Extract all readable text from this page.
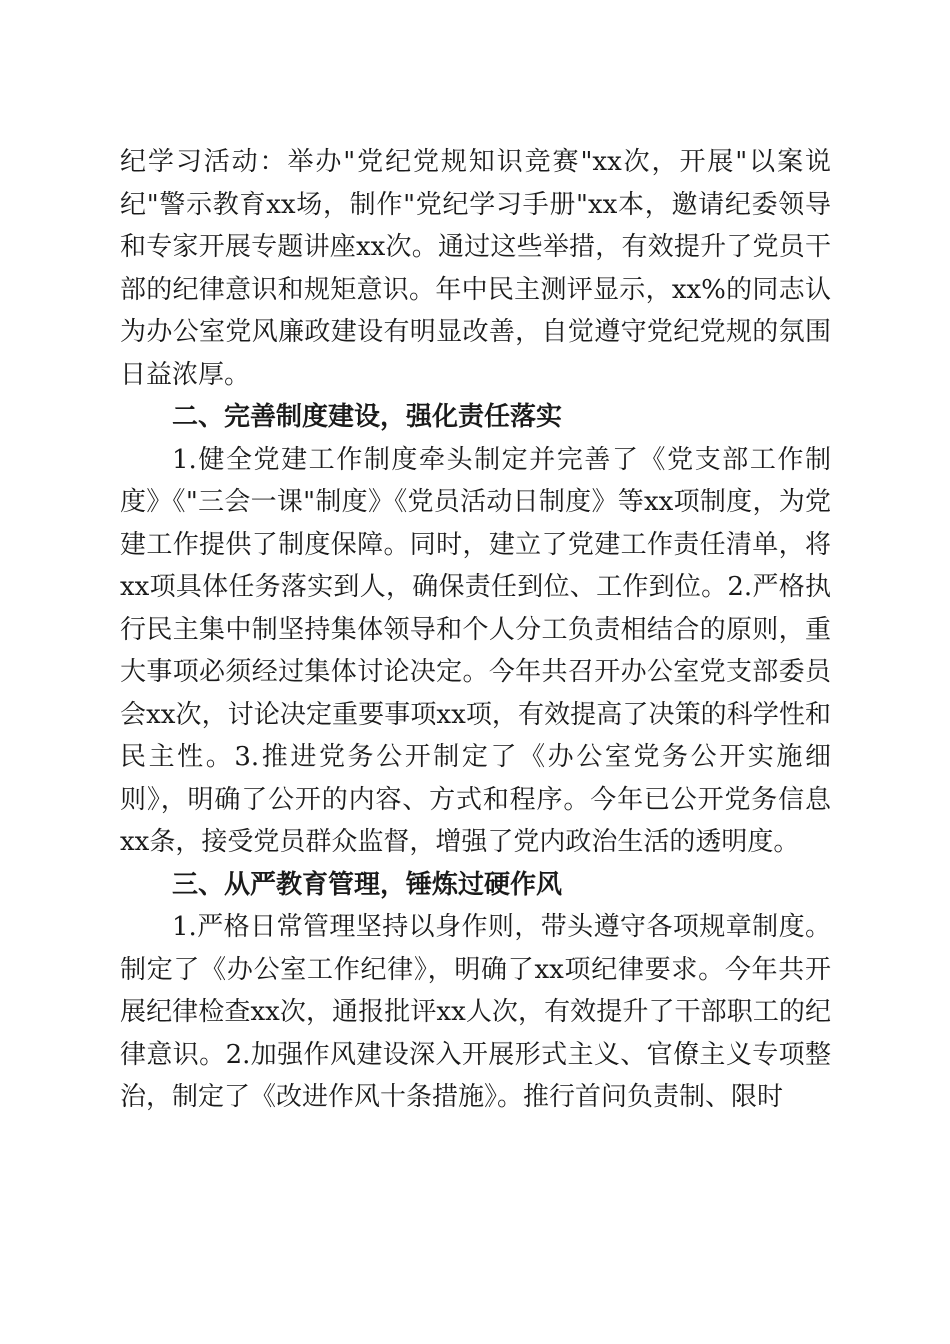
纪学习活动：举办"党纪党规知识竞赛"xx次，开展"以案说纪"警示教育xx场，制作"党纪学习手册"xx本，邀请纪委领导和专家开展专题讲座xx次。通过这些举措，有效提升了党员干部的纪律意识和规矩意识。年中民主测评显示，xx%的同志认为办公室党风廉政建设有明显改善，自觉遵守党纪党规的氛围日益浓厚。

二、完善制度建设，强化责任落实

1.健全党建工作制度牵头制定并完善了《党支部工作制度》《"三会一课"制度》《党员活动日制度》等xx项制度，为党建工作提供了制度保障。同时，建立了党建工作责任清单，将xx项具体任务落实到人，确保责任到位、工作到位。2.严格执行民主集中制坚持集体领导和个人分工负责相结合的原则，重大事项必须经过集体讨论决定。今年共召开办公室党支部委员会xx次，讨论决定重要事项xx项，有效提高了决策的科学性和民主性。3.推进党务公开制定了《办公室党务公开实施细则》，明确了公开的内容、方式和程序。今年已公开党务信息xx条，接受党员群众监督，增强了党内政治生活的透明度。

三、从严教育管理，锤炼过硬作风

1.严格日常管理坚持以身作则，带头遵守各项规章制度。制定了《办公室工作纪律》，明确了xx项纪律要求。今年共开展纪律检查xx次，通报批评xx人次，有效提升了干部职工的纪律意识。2.加强作风建设深入开展形式主义、官僚主义专项整治，制定了《改进作风十条措施》。推行首问负责制、限时
